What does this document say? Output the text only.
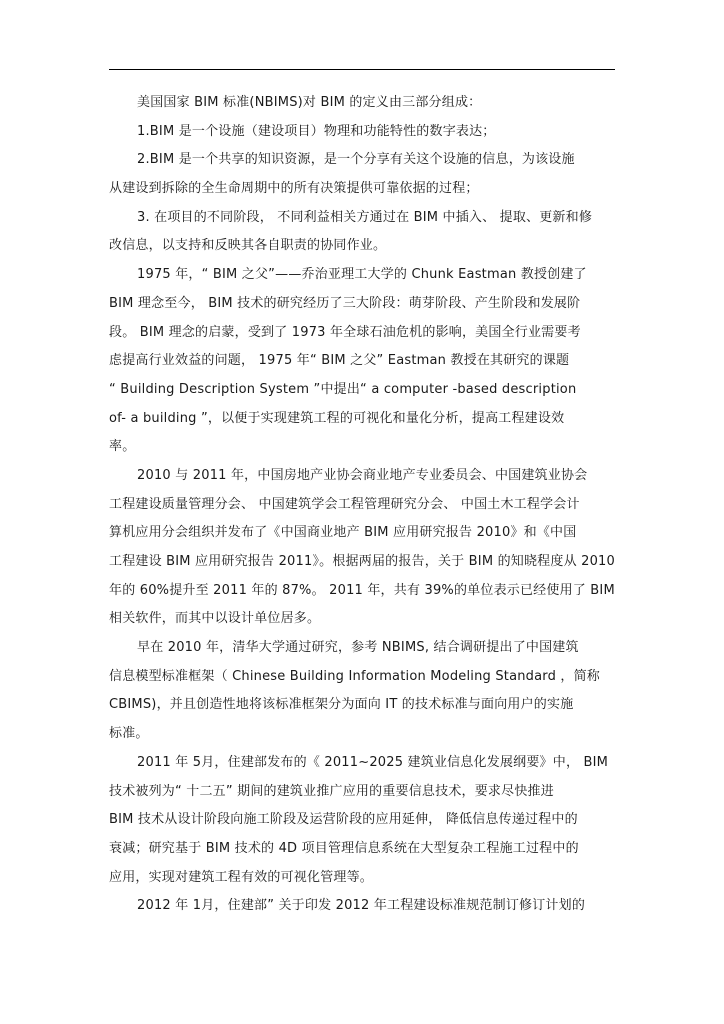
美国国家 BIM 标准(NBIMS)对 BIM 的定义由三部分组成：
1.BIM 是一个设施（建设项目）物理和功能特性的数字表达；
2.BIM 是一个共享的知识资源，是一个分享有关这个设施的信息，为该设施
从建设到拆除的全生命周期中的所有决策提供可靠依据的过程；
3. 在项目的不同阶段， 不同利益相关方通过在 BIM 中插入、 提取、更新和修
改信息，以支持和反映其各自职责的协同作业。
1975 年，“ BIM 之父”——乔治亚理工大学的 Chunk Eastman 教授创建了
BIM 理念至今， BIM 技术的研究经历了三大阶段：萌芽阶段、产生阶段和发展阶
段。 BIM 理念的启蒙，受到了 1973 年全球石油危机的影响，美国全行业需要考
虑提高行业效益的问题， 1975 年“ BIM 之父” Eastman 教授在其研究的课题
“ Building Description System ”中提出“ a computer -based description
of- a building ”，以便于实现建筑工程的可视化和量化分析，提高工程建设效
率。
2010 与 2011 年，中国房地产业协会商业地产专业委员会、中国建筑业协会
工程建设质量管理分会、 中国建筑学会工程管理研究分会、 中国土木工程学会计
算机应用分会组织并发布了《中国商业地产 BIM 应用研究报告 2010》和《中国
工程建设 BIM 应用研究报告 2011》。根据两届的报告，关于 BIM 的知晓程度从 2010
年的 60%提升至 2011 年的 87%。 2011 年，共有 39%的单位表示已经使用了 BIM
相关软件，而其中以设计单位居多。
早在 2010 年，清华大学通过研究，参考 NBIMS, 结合调研提出了中国建筑
信息模型标准框架（ Chinese Building Information Modeling Standard ，简称
CBIMS)，并且创造性地将该标准框架分为面向 IT 的技术标准与面向用户的实施
标准。
2011 年 5月，住建部发布的《 2011~2025 建筑业信息化发展纲要》中， BIM
技术被列为“ 十二五” 期间的建筑业推广应用的重要信息技术，要求尽快推进
BIM 技术从设计阶段向施工阶段及运营阶段的应用延伸， 降低信息传递过程中的
衰减；研究基于 BIM 技术的 4D 项目管理信息系统在大型复杂工程施工过程中的
应用，实现对建筑工程有效的可视化管理等。
2012 年 1月，住建部” 关于印发 2012 年工程建设标准规范制订修订计划的
